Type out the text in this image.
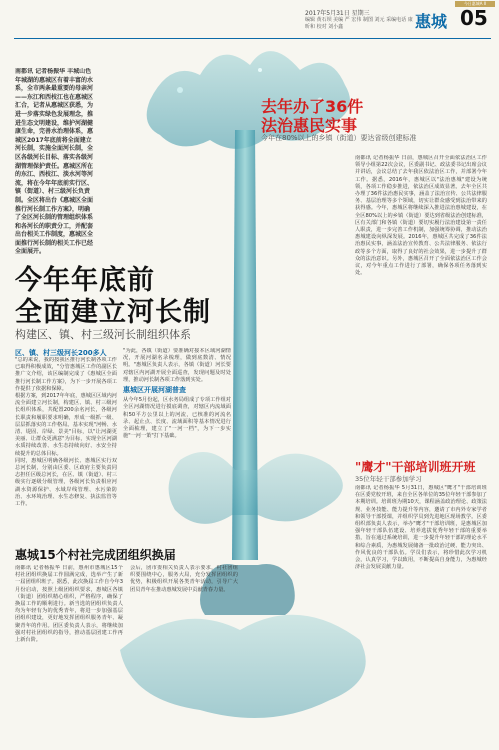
今日惠城A II
2017年5月31日 星期三
编辑 黄石坝 美编 严 宏伟 制图 刘元 采编电话 康 昕和 校对 刘小鑫	惠城 05
南都讯 记者杨振华 丰城山色年城湖的惠城区有着丰富的水系，全市两条最重要的母亲河——东江和西枝江也在惠城区汇合，记者从惠城区获悉，为进一步落实绿色发展理念，推进生态文明建设，维护河湖健康生命，完善水治理体系，惠城区2017年底前将全面建立河长制，实施全面河长制，全区各级河长目标、落实各级河湖管理保护责任。惠城区所在的东江、西枝江、淡水河等河流，将在今年年底前实行区、镇（街道）、村三级河长负责制。全区将出台《惠城区全面推行河长制工作方案》，明确了全区河长制的管理组织体系和各河长的职责分工，并配套出台相关工作制度，惠城区全面推行河长制的相关工作已经全面展开。
今年年底前
全面建立河长制
构建区、镇、村三级河长制组织体系
区、镇、村三级河长200多人
"总的来说，我的按我区推行河长制各项工作已取得积极成效，"分管惠城区工作的副区长推广文介绍，该区编制完成了《惠城区全面推行河长制工作方案》，为下一步开展各项工作提供了依据和保障。
根据方案，到2017年年底，惠城区区域内河流全面建立河长制，构建区、镇、村三级河长组织体系，共配置200余名河长，各级河长职责和履职要求明确，形成一级抓一级、层层抓落实的工作格局。基本实现"河畅、水清、堤固、岸绿、景美"目标，以"让河湖更美丽、让群众更满意"为目标，实现全区河湖水质持续改善、水生态持续向好、水安全持续提升的总体目标。
同时，惠城区明确各级河长、惠城区实行双总河长制，分别由区委、区政府主要负责同志担任区级总河长，在区、镇（街道）、村三级实行逐级分级管理，各级河长负责相应河湖水资源保护、水域岸线管理、水污染防治、水环境治理、水生态修复、执法监管等工作。
"为此，各镇（街道）要准确对接本区域河湖情况，开展河湖名录梳理，做到底数清、情况明。"惠城区负责人表示，各镇（街道）河长要对辖区内河湖开展全面巡查，发现问题及时处理，推动河长制各项工作落到实处。

惠城区开展河湖普查
从今年5月份起，区水务局组成了专项工作组对全区河湖情况进行摸底调查，对辖区内流域面积50平方公里以上的河流，已核准的河流名录、起止点、长度、流域面积等基本情况进行全面梳理，建立了"一河一档"，为下一步实施"一河一策"打下基础。
去年办了36件
法治惠民实事
今年在80%以上的乡镇（街道）要达省级创建标准
南都讯 记者杨振华 日前，惠城区召开全面依法治区工作领导小组第22次会议，区委副书记、政法委书记出席会议并讲话，会议总结了去年我区依法治区工作，并部署今年工作。据悉，2016年，惠城区以"法治惠城"建设为统领，各项工作稳步推进，依法治区成效显著。去年全区共办理了36件法治惠民实事，涵盖了法治宣传、公共法律服务、基层治理等多个领域，切实让群众感受到法治带来的获得感。今年，惠城区将继续深入推进法治惠城建设，在全区80%以上的乡镇（街道）要达到省级法治创建标准，区有关部门和各镇（街道）要切实履行法治建设第一责任人职责，进一步完善工作机制，加强统筹协调，推动法治惠城建设向纵深发展。2016年，惠城区共完成了36件法治惠民实事，涵盖法治宣传教育、公共法律服务、依法行政等多个方面，取得了良好的社会效果，进一步提升了群众的法治意识。另外，惠城区召开了全面依法治区工作会议，对今年重点工作进行了部署，确保各项任务落到实处。
"鹰才"干部培训班开班
35位年轻干部参加学习
南都讯 记者杨振华 5月31日，惠城区"鹰才"干部培训班在区委党校开班，来自全区各单位的35位年轻干部参加了本期培训。培训班为期10天，课程涵盖政治理论、政策法规、业务技能、能力提升等内容，邀请了市内外专家学者和领导干部授课，并组织学员到先进地区现场教学。区委组织部负责人表示，举办"鹰才"干部培训班，是惠城区加强年轻干部队伍建设、培养选拔优秀年轻干部的重要举措，旨在通过系统培训，进一步提升年轻干部的理论水平和综合素质，为惠城发展储备一批政治过硬、能力突出、作风优良的干部队伍。学员们表示，将珍惜此次学习机会，认真学习，学以致用，不断提高自身能力，为惠城经济社会发展贡献力量。
惠城15个村社完成团组织换届
南都讯 记者杨振华 日前，惠州市惠城区15个村社团组织换届工作圆满完成，选举产生了新一届团组织班子。据悉，此次换届工作自今年3月份启动，按照上级团组织要求，惠城区各镇（街道）团组织精心组织，严格程序，确保了换届工作的顺利进行。新当选的团组织负责人均为年轻有为的优秀青年，将进一步加强基层团组织建设，更好地发挥团组织服务青年、凝聚青年的作用。团区委负责人表示，将继续加强对村社团组织的指导，推动基层团建工作再上新台阶。
会后，团市委相关负责人表示要求，村社团组织要围绕中心，服务大局，充分发挥团组织的优势，积极组织开展各类青年活动，引导广大团员青年在推动惠城发展中贡献青春力量。
